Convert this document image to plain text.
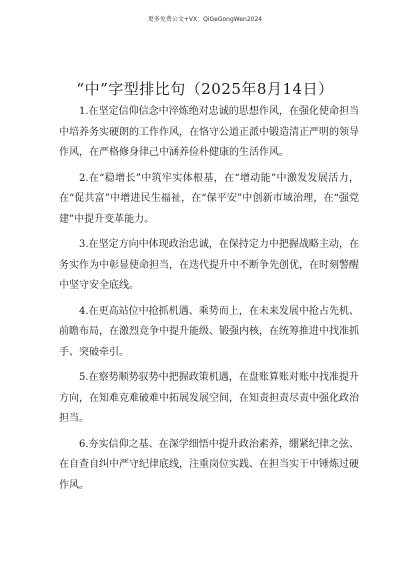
更多免费公文+VX：QiGeGongWen2024
“中”字型排比句（2025年8月14日）

1.在坚定信仰信念中淬炼绝对忠诚的思想作风，在强化使命担当中培养务实硬朗的工作作风，在恪守公道正派中锻造清正严明的领导作风，在严格修身律己中涵养俭朴健康的生活作风。

2.在“稳增长”中筑牢实体根基，在“增动能”中激发发展活力，在“促共富”中增进民生福祉，在“保平安”中创新市域治理，在“强党建”中提升变革能力。

3.在坚定方向中体现政治忠诚，在保持定力中把握战略主动，在务实作为中彰显使命担当，在迭代提升中不断争先创优，在时刻警醒中坚守安全底线。

4.在更高站位中抢抓机遇、乘势而上，在未来发展中抢占先机、前瞻布局，在激烈竞争中提升能级、锻强内核，在统筹推进中找准抓手、突破牵引。

5.在察势顺势驭势中把握政策机遇，在盘账算账对账中找准提升方向，在知难克难破难中拓展发展空间，在知责担责尽责中强化政治担当。

6.夯实信仰之基、在深学细悟中提升政治素养，绷紧纪律之弦、在自查自纠中严守纪律底线，注重岗位实践、在担当实干中锤炼过硬作风。
